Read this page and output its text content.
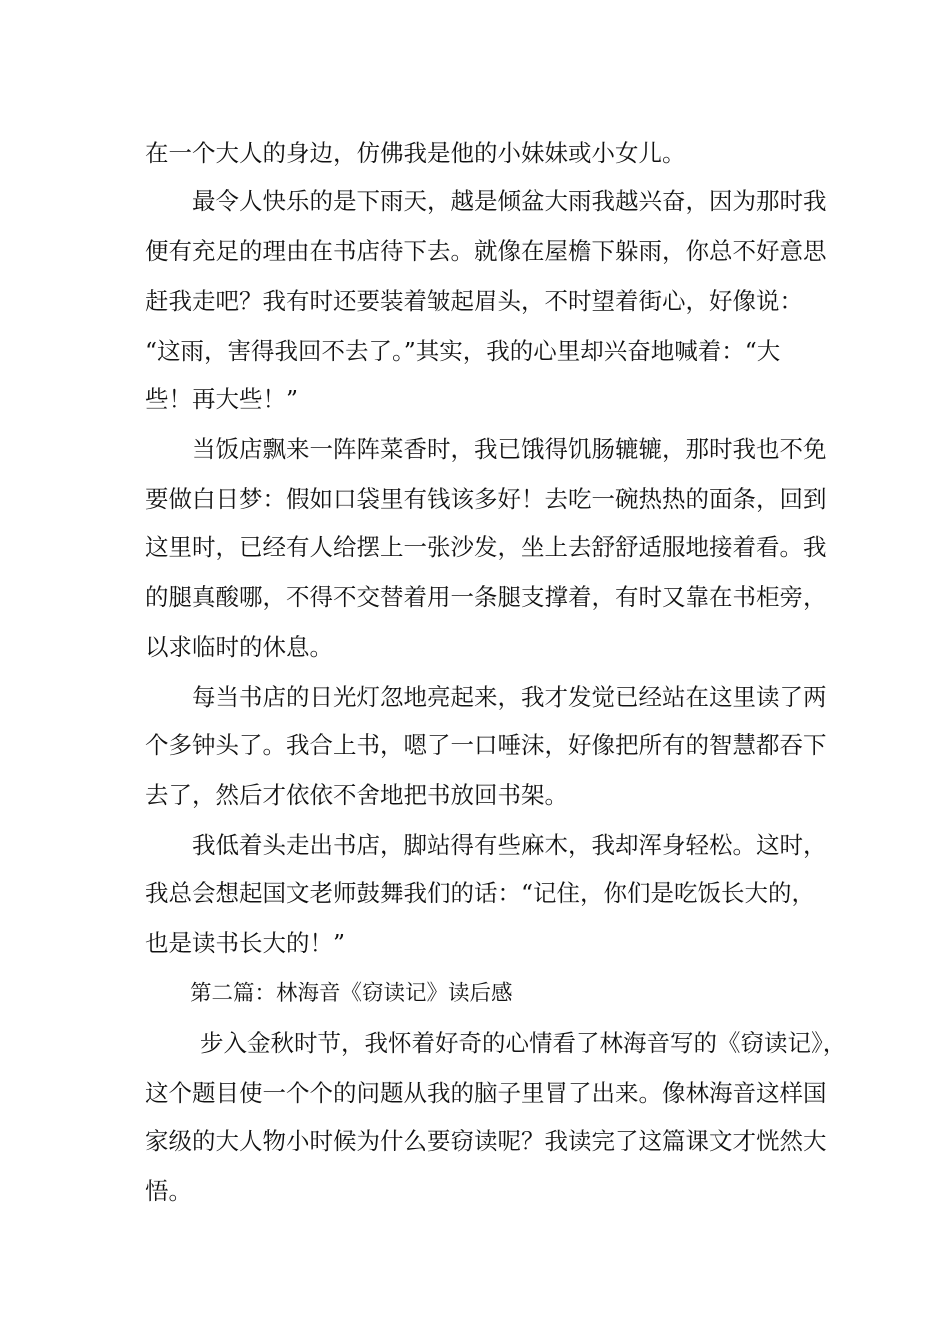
在一个大人的身边，仿佛我是他的小妹妹或小女儿。
最令人快乐的是下雨天，越是倾盆大雨我越兴奋，因为那时我
便有充足的理由在书店待下去。就像在屋檐下躲雨，你总不好意思
赶我走吧？我有时还要装着皱起眉头，不时望着街心，好像说：
“这雨，害得我回不去了。”其实，我的心里却兴奋地喊着：“大
些！再大些！”
当饭店飘来一阵阵菜香时，我已饿得饥肠辘辘，那时我也不免
要做白日梦：假如口袋里有钱该多好！去吃一碗热热的面条，回到
这里时，已经有人给摆上一张沙发，坐上去舒舒适服地接着看。我
的腿真酸哪，不得不交替着用一条腿支撑着，有时又靠在书柜旁，
以求临时的休息。
每当书店的日光灯忽地亮起来，我才发觉已经站在这里读了两
个多钟头了。我合上书，嗯了一口唾沫，好像把所有的智慧都吞下
去了，然后才依依不舍地把书放回书架。
我低着头走出书店，脚站得有些麻木，我却浑身轻松。这时，
我总会想起国文老师鼓舞我们的话：“记住，你们是吃饭长大的，
也是读书长大的！”
第二篇：林海音《窃读记》读后感
步入金秋时节，我怀着好奇的心情看了林海音写的《窃读记》，
这个题目使一个个的问题从我的脑子里冒了出来。像林海音这样国
家级的大人物小时候为什么要窃读呢？我读完了这篇课文才恍然大
悟。
